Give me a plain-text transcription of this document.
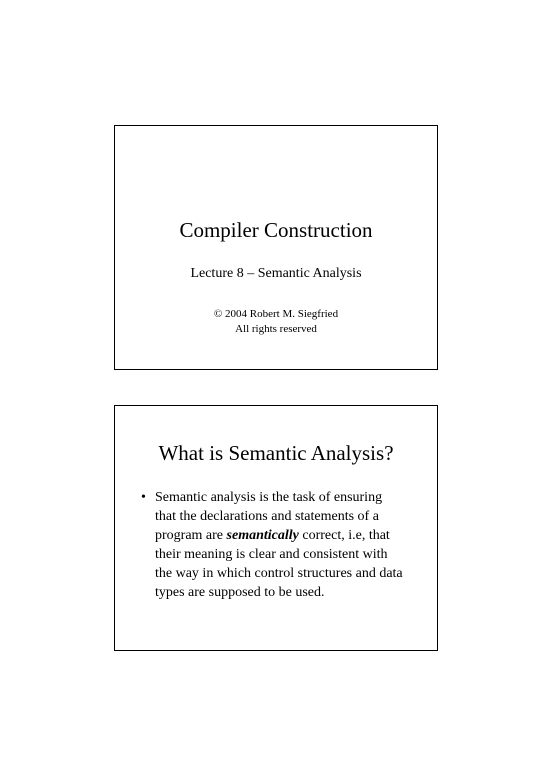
Compiler Construction
Lecture 8 – Semantic Analysis
© 2004 Robert M. Siegfried
All rights reserved
What is Semantic Analysis?
• Semantic analysis is the task of ensuring
that the declarations and statements of a
program are semantically correct, i.e, that
their meaning is clear and consistent with
the way in which control structures and data
types are supposed to be used.
